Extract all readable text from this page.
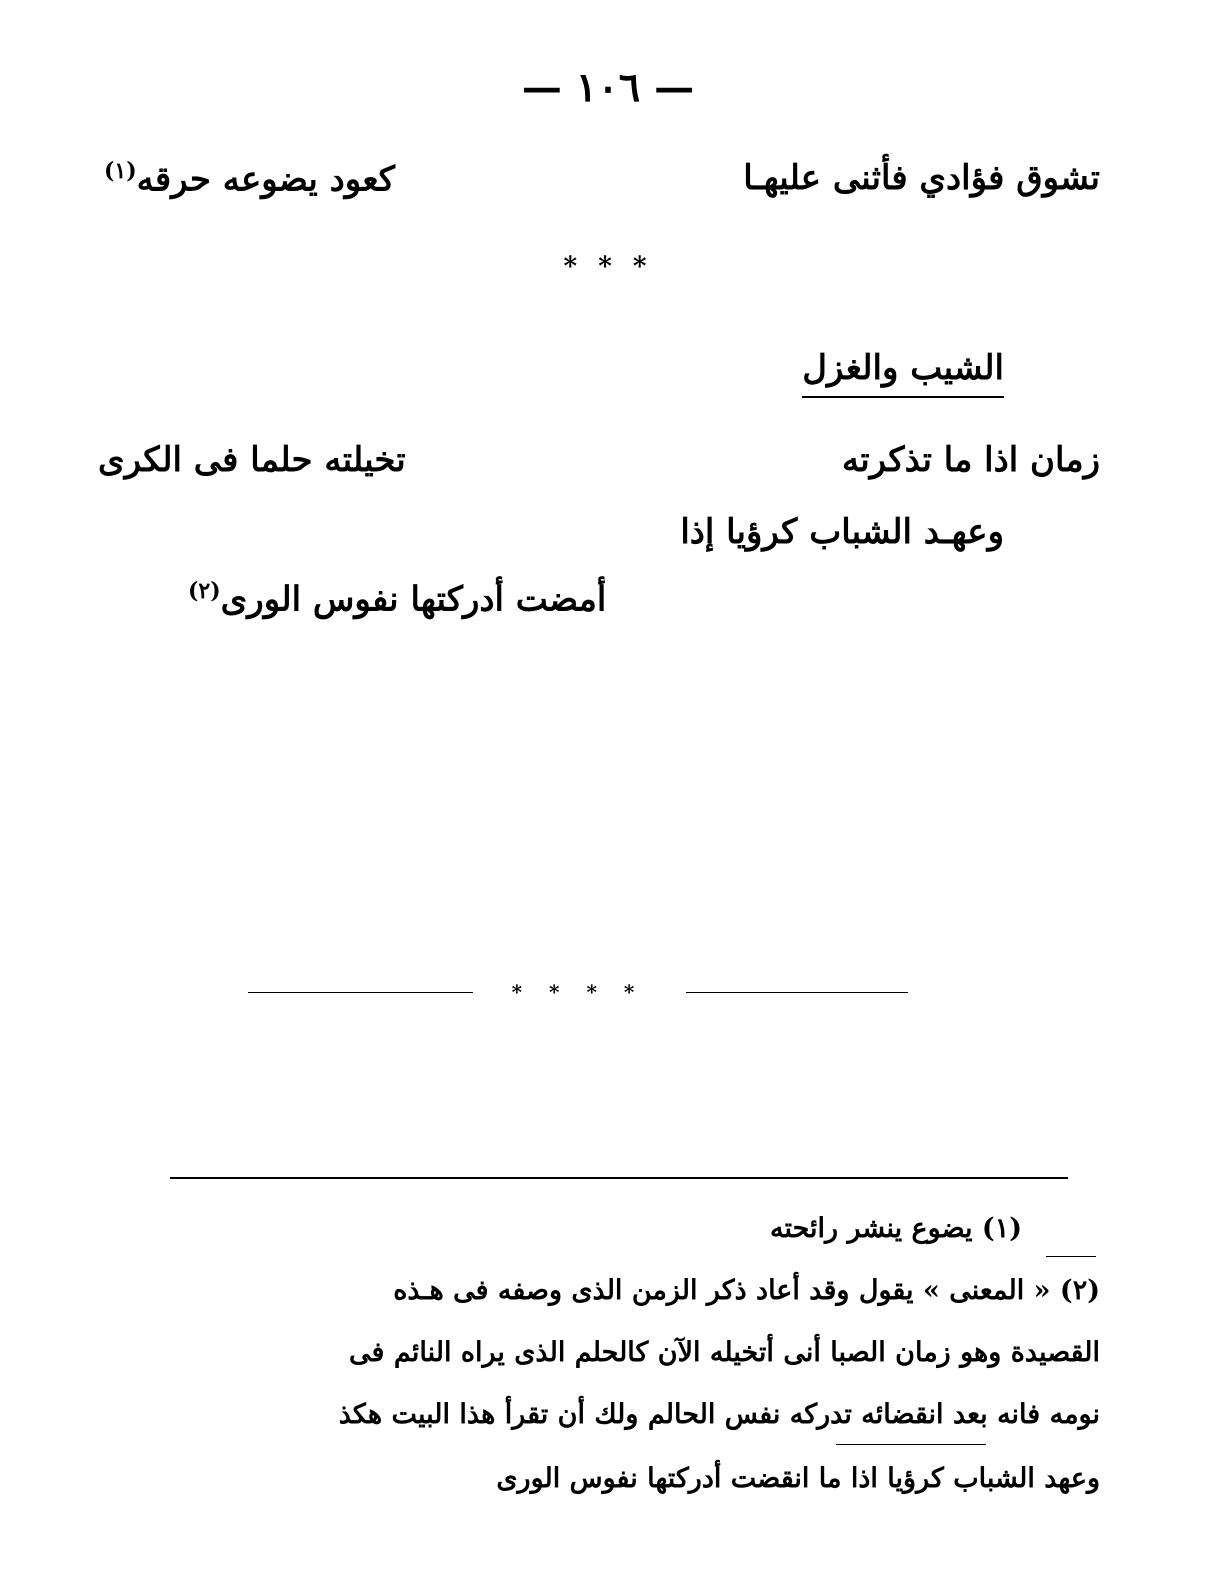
— ١٠٦ —
تشوق فؤادي فأثنى عليهـا
كعود يضوعه حرقه$^{(١)}$
* * *
الشيب والغزل
زمان اذا ما تذكرته
تخيلته حلما فى الكرى
وعهـد الشباب كرؤيا إذا
أمضت أدركتها نفوس الورى$^{(٢)}$
* * * *
(١) يضوع ينشر رائحته
(٢) « المعنى » يقول وقد أعاد ذكر الزمن الذى وصفه فى هـذه
القصيدة وهو زمان الصبا أنى أتخيله الآن كالحلم الذى يراه النائم فى
نومه فانه بعد انقضائه تدركه نفس الحالم ولك أن تقرأ هذا البيت هكذ
وعهد الشباب كرؤيا اذا ما انقضت أدركتها نفوس الورى
